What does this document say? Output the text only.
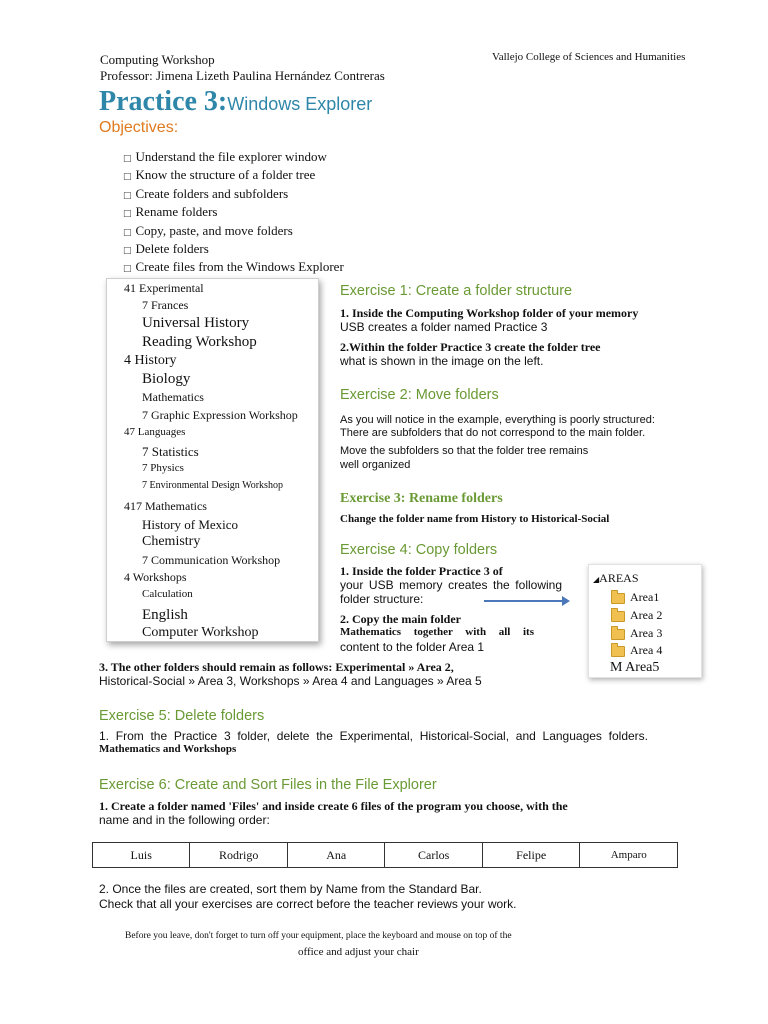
Computing Workshop
Professor: Jimena Lizeth Paulina Hernández Contreras
Vallejo College of Sciences and Humanities
Practice 3:Windows Explorer
Objectives:
□ Understand the file explorer window
□ Know the structure of a folder tree
□ Create folders and subfolders
□ Rename folders
□ Copy, paste, and move folders
□ Delete folders
□ Create files from the Windows Explorer
41 Experimental
7 Frances
Universal History
Reading Workshop
4 History
Biology
Mathematics
7 Graphic Expression Workshop
47 Languages
7 Statistics
7 Physics
7 Environmental Design Workshop
417 Mathematics
History of Mexico
Chemistry
7 Communication Workshop
4 Workshops
Calculation
English
Computer Workshop
Exercise 1: Create a folder structure
1. Inside the Computing Workshop folder of your memory
USB creates a folder named Practice 3
2.Within the folder Practice 3 create the folder tree
what is shown in the image on the left.
Exercise 2: Move folders
As you will notice in the example, everything is poorly structured:
There are subfolders that do not correspond to the main folder.
Move the subfolders so that the folder tree remains
well organized
Exercise 3: Rename folders
Change the folder name from History to Historical-Social
Exercise 4: Copy folders
1. Inside the folder Practice 3 of
your USB memory creates the following
folder structure:
2. Copy the main folder
Mathematics together with all its
content to the folder Area 1
◢AREAS
Area1
Area 2
Area 3
Area 4
M Area5
3. The other folders should remain as follows: Experimental » Area 2,
Historical-Social » Area 3, Workshops » Area 4 and Languages » Area 5
Exercise 5: Delete folders
1. From the Practice 3 folder, delete the Experimental, Historical-Social, and Languages folders.
Mathematics and Workshops
Exercise 6: Create and Sort Files in the File Explorer
1. Create a folder named 'Files' and inside create 6 files of the program you choose, with the
name and in the following order:
Luis	Rodrigo	Ana	Carlos	Felipe	Amparo
2. Once the files are created, sort them by Name from the Standard Bar.
Check that all your exercises are correct before the teacher reviews your work.
Before you leave, don't forget to turn off your equipment, place the keyboard and mouse on top of the
office and adjust your chair
